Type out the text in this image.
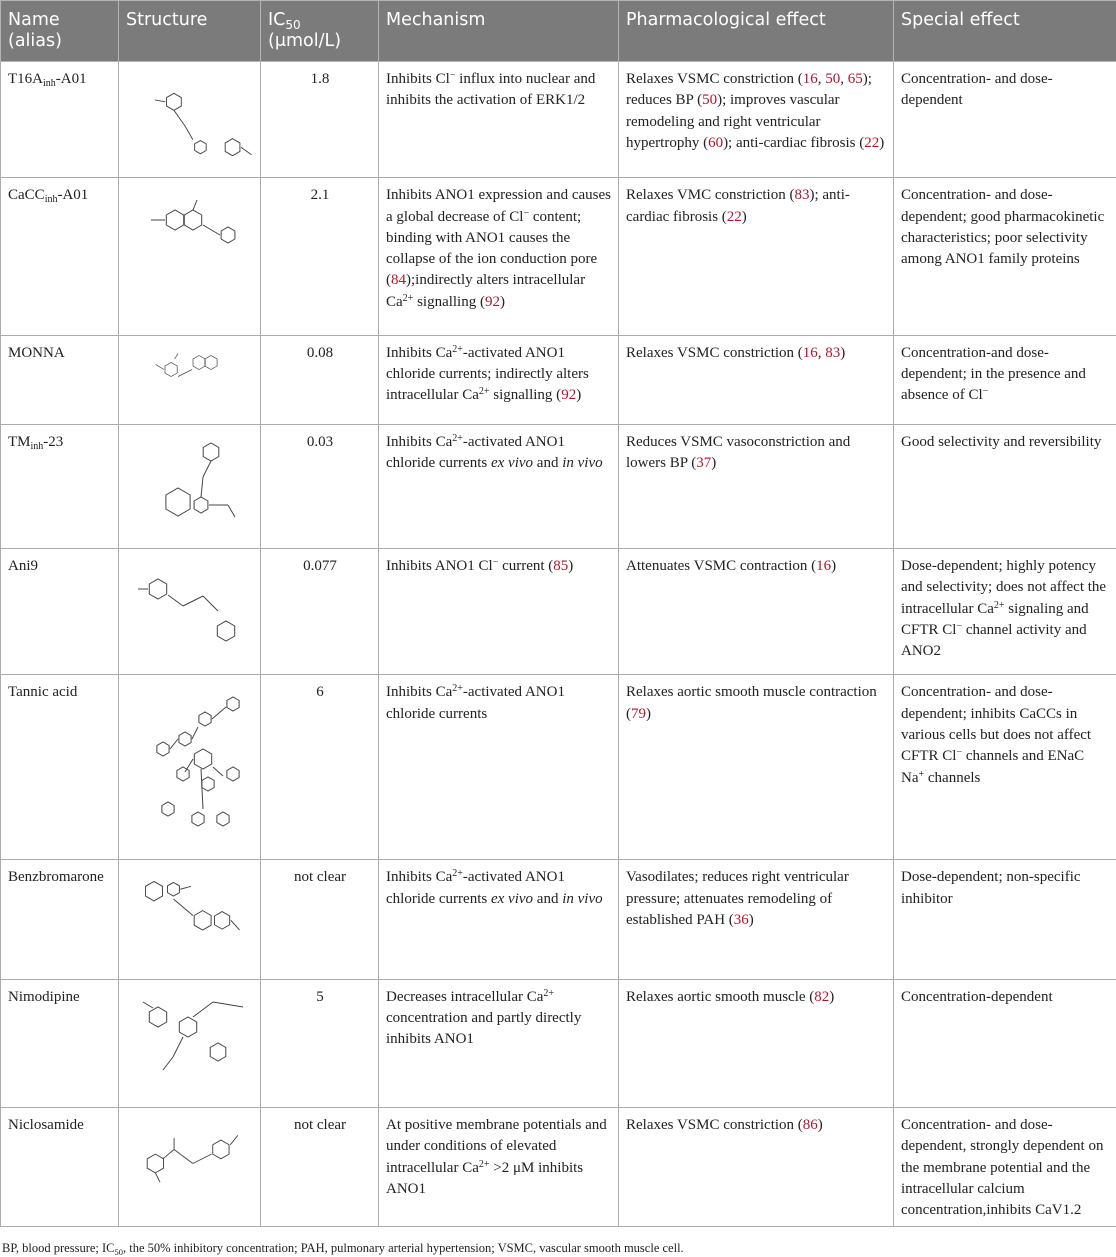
Name (alias)	Structure	$IC_{50}$ (μmol/L)	Mechanism	Pharmacological effect	Special effect
$T16A_{inh}-A01$		1.8	Inhibits Cl− influx into nuclear and inhibits the activation of ERK1/2	Relaxes VSMC constriction (16, 50, 65); reduces BP (50); improves vascular remodeling and right ventricular hypertrophy (60); anti-cardiac fibrosis (22)	Concentration- and dose-dependent
CaCC$_{inh}$-A01		2.1	Inhibits ANO1 expression and causes a global decrease of Cl− content; binding with ANO1 causes the collapse of the ion conduction pore (84);indirectly alters intracellular $Ca^{2+}$ signalling (92)	Relaxes VMC constriction (83); anti-cardiac fibrosis (22)	Concentration- and dose-dependent; good pharmacokinetic characteristics; poor selectivity among ANO1 family proteins
MONNA		0.08	Inhibits $Ca^{2+}$-activated ANO1 chloride currents; indirectly alters intracellular $Ca^{2+}$ signalling (92)	Relaxes VSMC constriction (16, 83)	Concentration-and dose-dependent; in the presence and absence of Cl−
$TM_{inh}-23$		0.03	Inhibits $Ca^{2+}$-activated ANO1 chloride currents ex vivo and in vivo	Reduces VSMC vasoconstriction and lowers BP (37)	Good selectivity and reversibility
Ani9		0.077	Inhibits ANO1 Cl− current (85)	Attenuates VSMC contraction (16)	Dose-dependent; highly potency and selectivity; does not affect the intracellular $Ca^{2+}$ signaling and CFTR Cl− channel activity and ANO2
Tannic acid		6	Inhibits $Ca^{2+}$-activated ANO1 chloride currents	Relaxes aortic smooth muscle contraction (79)	Concentration- and dose-dependent; inhibits CaCCs in various cells but does not affect CFTR Cl− channels and ENaC Na+ channels
Benzbromarone		not clear	Inhibits $Ca^{2+}$-activated ANO1 chloride currents ex vivo and in vivo	Vasodilates; reduces right ventricular pressure; attenuates remodeling of established PAH (36)	Dose-dependent; non-specific inhibitor
Nimodipine		5	Decreases intracellular $Ca^{2+}$ concentration and partly directly inhibits ANO1	Relaxes aortic smooth muscle (82)	Concentration-dependent
Niclosamide		not clear	At positive membrane potentials and under conditions of elevated intracellular $Ca^{2+} >2$ μM inhibits ANO1	Relaxes VSMC constriction (86)	Concentration- and dose-dependent, strongly dependent on the membrane potential and the intracellular calcium concentration,inhibits CaV1.2
BP, blood pressure; $IC_{50}$, the 50% inhibitory concentration; PAH, pulmonary arterial hypertension; VSMC, vascular smooth muscle cell.
